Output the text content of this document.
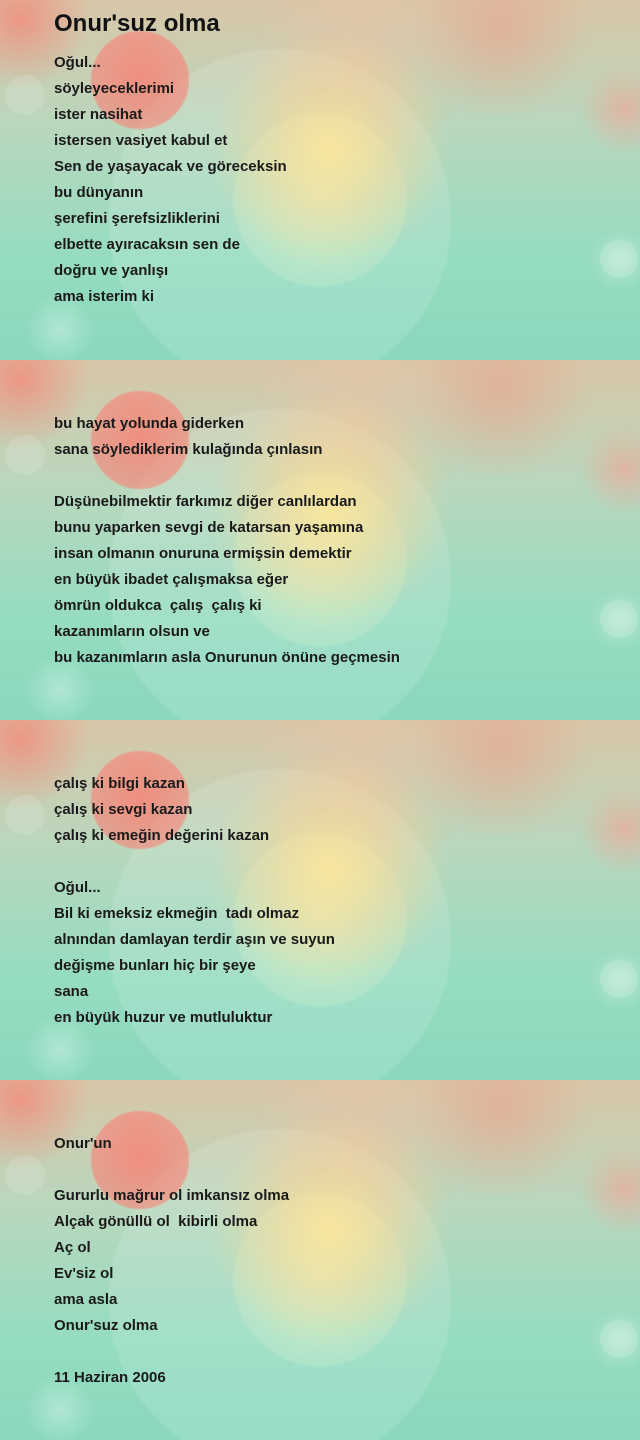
Onur'suz olma
Oğul...
söyleyeceklerimi
ister nasihat
istersen vasiyet kabul et
Sen de yaşayacak ve göreceksin
bu dünyanın
şerefini şerefsizliklerini
elbette ayıracaksın sen de
doğru ve yanlışı
ama isterim ki
bu hayat yolunda giderken
sana söylediklerim kulağında çınlasın
Düşünebilmektir farkımız diğer canlılardan
bunu yaparken sevgi de katarsan yaşamına
insan olmanın onuruna ermişsin demektir
en büyük ibadet çalışmaksa eğer
ömrün oldukca  çalış  çalış ki
kazanımların olsun ve
bu kazanımların asla Onurunun önüne geçmesin
çalış ki bilgi kazan
çalış ki sevgi kazan
çalış ki emeğin değerini kazan
Oğul...
Bil ki emeksiz ekmeğin  tadı olmaz
alnından damlayan terdir aşın ve suyun
değişme bunları hiç bir şeye
sana
en büyük huzur ve mutluluktur
Onur'un
Gururlu mağrur ol imkansız olma
Alçak gönüllü ol  kibirli olma
Aç ol
Ev'siz ol
ama asla
Onur'suz olma
11 Haziran 2006
